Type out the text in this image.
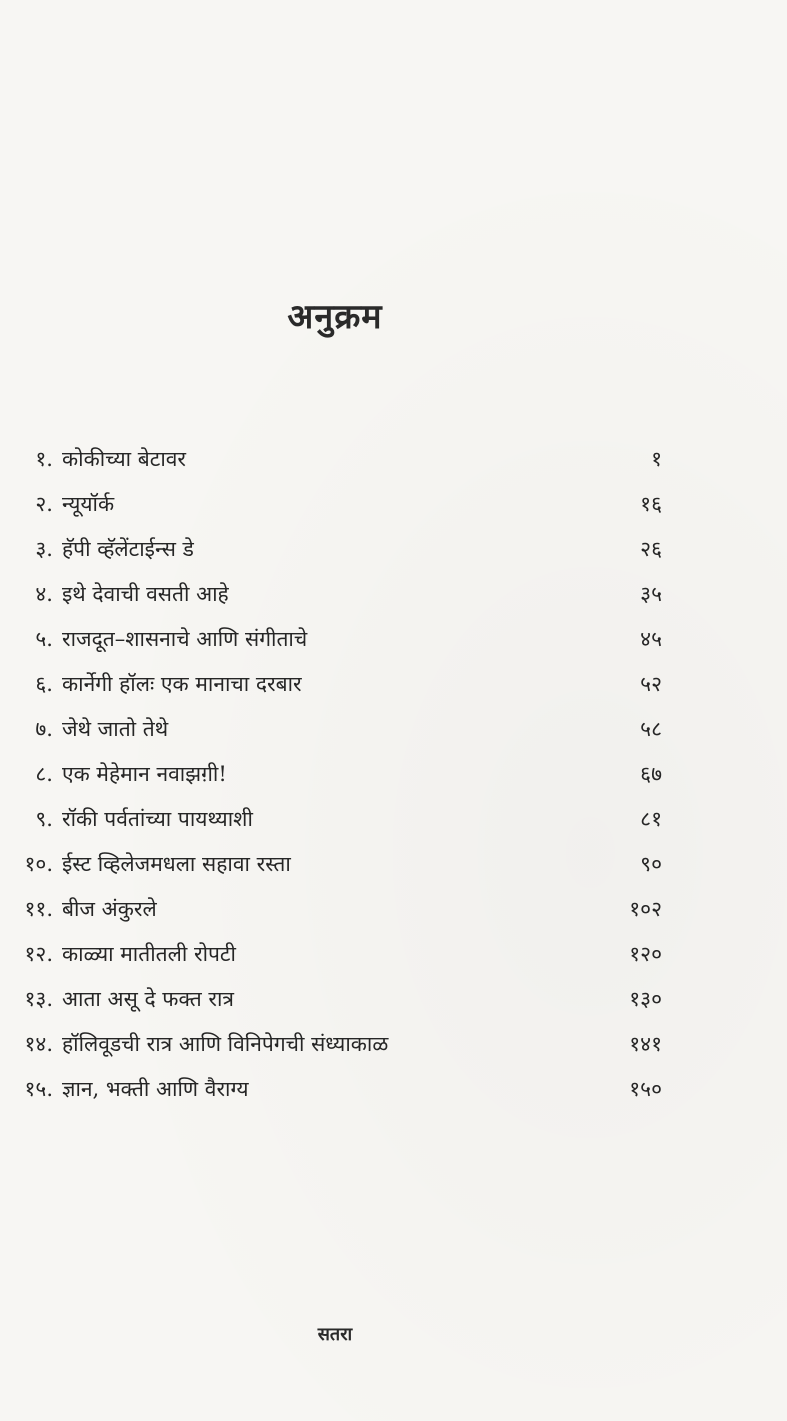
अनुक्रम
१. कोकीच्या बेटावर	१
२. न्यूयॉर्क	१६
३. हॅपी व्हॅलेंटाईन्स डे	२६
४. इथे देवाची वसती आहे	३५
५. राजदूत–शासनाचे आणि संगीताचे	४५
६. कार्नेगी हॉलः एक मानाचा दरबार	५२
७. जेथे जातो तेथे	५८
८. एक मेहेमान नवाझग़ी!	६७
९. रॉकी पर्वतांच्या पायथ्याशी	८१
१०. ईस्ट व्हिलेजमधला सहावा रस्ता	९०
११. बीज अंकुरले	१०२
१२. काळ्या मातीतली रोपटी	१२०
१३. आता असू दे फक्त रात्र	१३०
१४. हॉलिवूडची रात्र आणि विनिपेगची संध्याकाळ	१४१
१५. ज्ञान, भक्ती आणि वैराग्य	१५०
सतरा
